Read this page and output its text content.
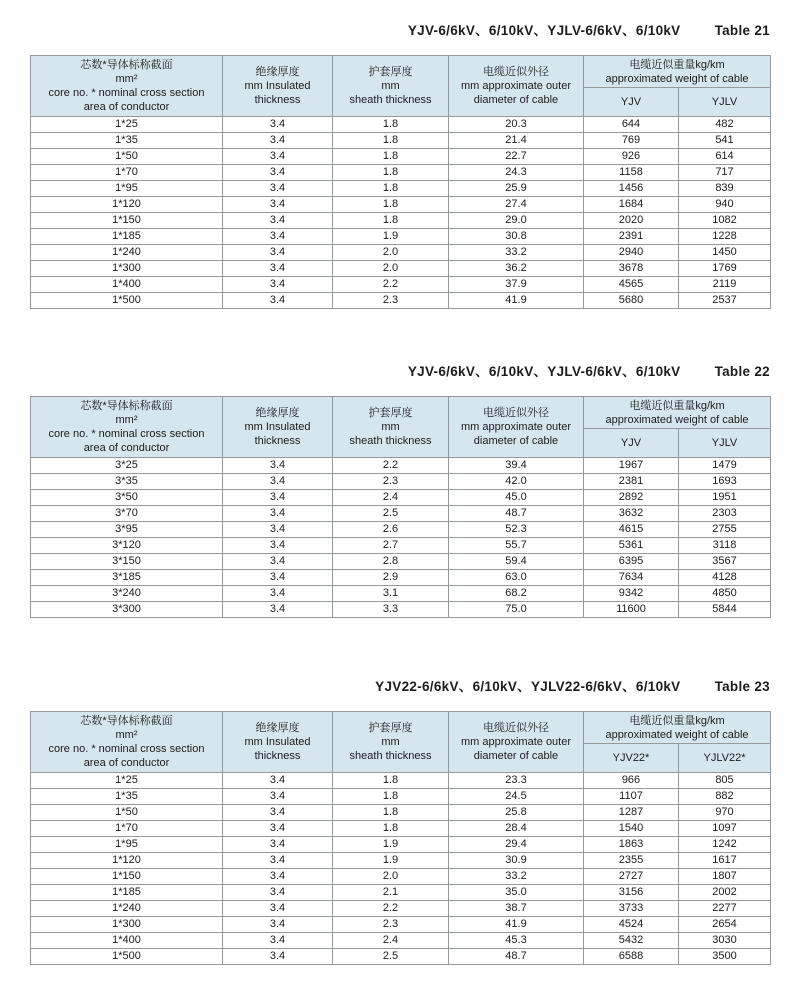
YJV-6/6kV、6/10kV、YJLV-6/6kV、6/10kV	Table 21
芯数*导体标称截面
mm²
core no. * nominal cross section
area of conductor	绝缘厚度
mm Insulated
thickness	护套厚度
mm
sheath thickness	电缆近似外径
mm approximate outer
diameter of cable	电缆近似重量kg/km
approximated weight of cable	

				YJV	YJLV
1*25	3.4	1.8	20.3	644	482
1*35	3.4	1.8	21.4	769	541
1*50	3.4	1.8	22.7	926	614
1*70	3.4	1.8	24.3	1158	717
1*95	3.4	1.8	25.9	1456	839
1*120	3.4	1.8	27.4	1684	940
1*150	3.4	1.8	29.0	2020	1082
1*185	3.4	1.9	30.8	2391	1228
1*240	3.4	2.0	33.2	2940	1450
1*300	3.4	2.0	36.2	3678	1769
1*400	3.4	2.2	37.9	4565	2119
1*500	3.4	2.3	41.9	5680	2537
YJV-6/6kV、6/10kV、YJLV-6/6kV、6/10kV	Table 22
芯数*导体标称截面
mm²
core no. * nominal cross section
area of conductor	绝缘厚度
mm Insulated
thickness	护套厚度
mm
sheath thickness	电缆近似外径
mm approximate outer
diameter of cable	电缆近似重量kg/km
approximated weight of cable	

				YJV	YJLV
3*25	3.4	2.2	39.4	1967	1479
3*35	3.4	2.3	42.0	2381	1693
3*50	3.4	2.4	45.0	2892	1951
3*70	3.4	2.5	48.7	3632	2303
3*95	3.4	2.6	52.3	4615	2755
3*120	3.4	2.7	55.7	5361	3118
3*150	3.4	2.8	59.4	6395	3567
3*185	3.4	2.9	63.0	7634	4128
3*240	3.4	3.1	68.2	9342	4850
3*300	3.4	3.3	75.0	11600	5844
YJV22-6/6kV、6/10kV、YJLV22-6/6kV、6/10kV	Table 23
芯数*导体标称截面
mm²
core no. * nominal cross section
area of conductor	绝缘厚度
mm Insulated
thickness	护套厚度
mm
sheath thickness	电缆近似外径
mm approximate outer
diameter of cable	电缆近似重量kg/km
approximated weight of cable	

				YJV22*	YJLV22*
1*25	3.4	1.8	23.3	966	805
1*35	3.4	1.8	24.5	1107	882
1*50	3.4	1.8	25.8	1287	970
1*70	3.4	1.8	28.4	1540	1097
1*95	3.4	1.9	29.4	1863	1242
1*120	3.4	1.9	30.9	2355	1617
1*150	3.4	2.0	33.2	2727	1807
1*185	3.4	2.1	35.0	3156	2002
1*240	3.4	2.2	38.7	3733	2277
1*300	3.4	2.3	41.9	4524	2654
1*400	3.4	2.4	45.3	5432	3030
1*500	3.4	2.5	48.7	6588	3500
